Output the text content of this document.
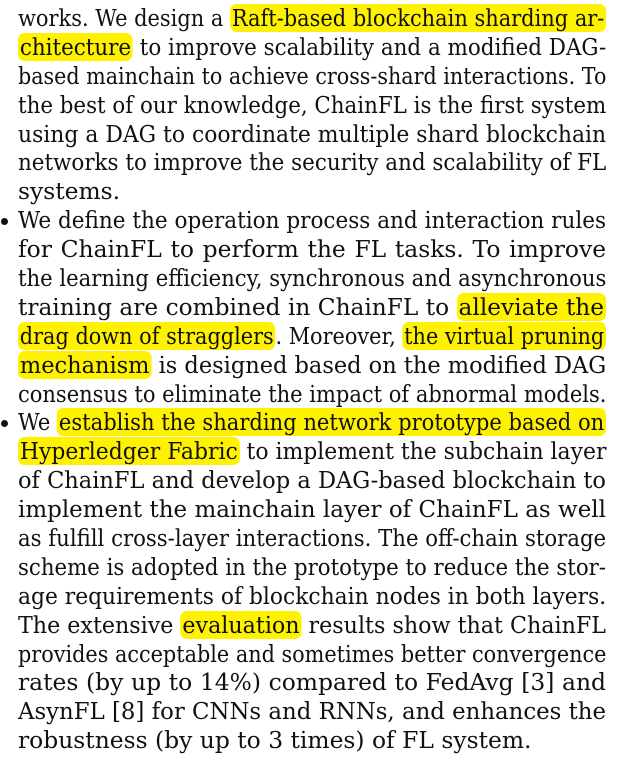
works. We design a Raft-based blockchain sharding ar-
chitecture to improve scalability and a modified DAG-
based mainchain to achieve cross-shard interactions. To
the best of our knowledge, ChainFL is the first system
using a DAG to coordinate multiple shard blockchain
networks to improve the security and scalability of FL
systems.
We define the operation process and interaction rules
for ChainFL to perform the FL tasks. To improve
the learning efficiency, synchronous and asynchronous
training are combined in ChainFL to alleviate the
drag down of stragglers. Moreover, the virtual pruning
mechanism is designed based on the modified DAG
consensus to eliminate the impact of abnormal models.
We establish the sharding network prototype based on
Hyperledger Fabric to implement the subchain layer
of ChainFL and develop a DAG-based blockchain to
implement the mainchain layer of ChainFL as well
as fulfill cross-layer interactions. The off-chain storage
scheme is adopted in the prototype to reduce the stor-
age requirements of blockchain nodes in both layers.
The extensive evaluation results show that ChainFL
provides acceptable and sometimes better convergence
rates (by up to 14%) compared to FedAvg [3] and
AsynFL [8] for CNNs and RNNs, and enhances the
robustness (by up to 3 times) of FL system.
